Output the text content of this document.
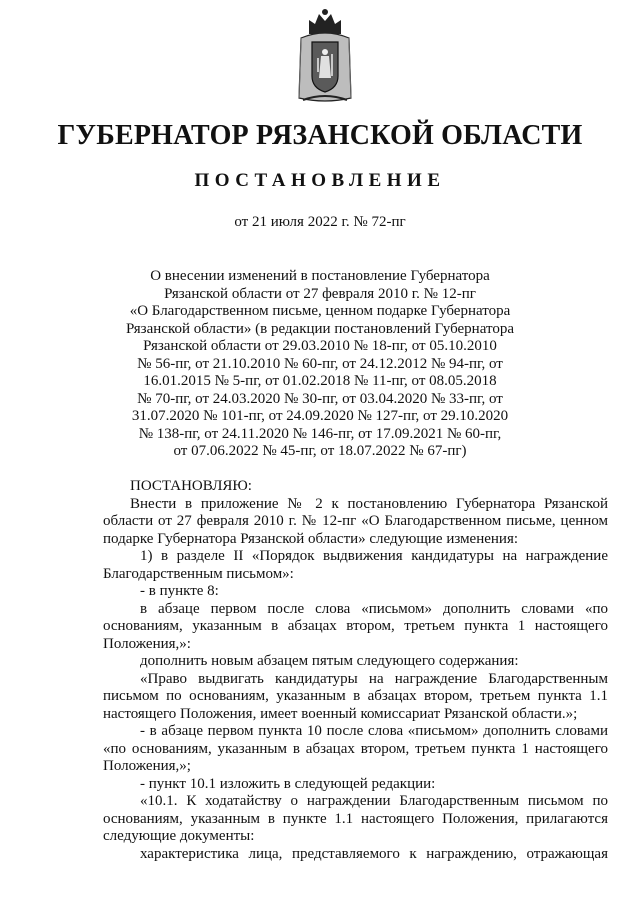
ГУБЕРНАТОР РЯЗАНСКОЙ ОБЛАСТИ
ПОСТАНОВЛЕНИЕ
от 21 июля 2022 г. № 72-пг
О внесении изменений в постановление Губернатора
Рязанской области от 27 февраля 2010 г. № 12-пг
«О Благодарственном письме, ценном подарке Губернатора
Рязанской области» (в редакции постановлений Губернатора
Рязанской области от 29.03.2010 № 18-пг, от 05.10.2010
№ 56-пг, от 21.10.2010 № 60-пг, от 24.12.2012 № 94-пг, от
16.01.2015 № 5-пг, от 01.02.2018 № 11-пг, от 08.05.2018
№ 70-пг, от 24.03.2020 № 30-пг, от 03.04.2020 № 33-пг, от
31.07.2020 № 101-пг, от 24.09.2020 № 127-пг, от 29.10.2020
№ 138-пг, от 24.11.2020 № 146-пг, от 17.09.2021 № 60-пг,
от 07.06.2022 № 45-пг, от 18.07.2022 № 67-пг)
ПОСТАНОВЛЯЮ:
Внести в приложение № 2 к постановлению Губернатора Рязанской
области от 27 февраля 2010 г. № 12-пг «О Благодарственном письме, ценном
подарке Губернатора Рязанской области» следующие изменения:
1) в разделе II «Порядок выдвижения кандидатуры на награждение
Благодарственным письмом»:
- в пункте 8:
в абзаце первом после слова «письмом» дополнить словами «по
основаниям, указанным в абзацах втором, третьем пункта 1 настоящего
Положения,»:
дополнить новым абзацем пятым следующего содержания:
«Право выдвигать кандидатуры на награждение Благодарственным
письмом по основаниям, указанным в абзацах втором, третьем пункта 1.1
настоящего Положения, имеет военный комиссариат Рязанской области.»;
- в абзаце первом пункта 10 после слова «письмом» дополнить словами
«по основаниям, указанным в абзацах втором, третьем пункта 1 настоящего
Положения,»;
- пункт 10.1 изложить в следующей редакции:
«10.1. К ходатайству о награждении Благодарственным письмом по
основаниям, указанным в пункте 1.1 настоящего Положения, прилагаются
следующие документы:
характеристика лица, представляемого к награждению, отражающая
